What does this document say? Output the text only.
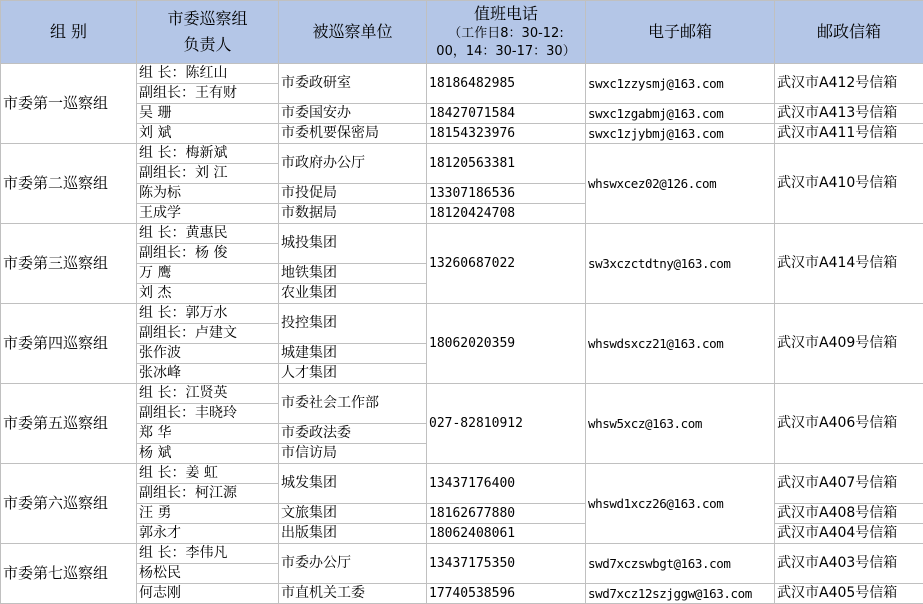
组 别	市委巡察组
负责人	被巡察单位	值班电话
（工作日8：30-12:
00，14：30-17：30）	电子邮箱	邮政信箱
市委第一巡察组	组 长：陈红山	市委政研室	18186482985	swxc1zzysmj@163.com	武汉市A412号信箱
	副组长：王有财				
	吴 珊	市委国安办	18427071584	swxc1zgabmj@163.com	武汉市A413号信箱
	刘 斌	市委机要保密局	18154323976	swxc1zjybmj@163.com	武汉市A411号信箱
市委第二巡察组	组 长：梅新斌	市政府办公厅	18120563381	whswxcez02@126.com	武汉市A410号信箱
	副组长：刘 江				
	陈为标	市投促局	13307186536		
	王成学	市数据局	18120424708		
市委第三巡察组	组 长：黄惠民	城投集团	13260687022	sw3xczctdtny@163.com	武汉市A414号信箱
	副组长：杨 俊				
	万 鹰	地铁集团			
	刘 杰	农业集团			
市委第四巡察组	组 长：郭万水	投控集团	18062020359	whswdsxcz21@163.com	武汉市A409号信箱
	副组长：卢建文				
	张作波	城建集团			
	张冰峰	人才集团			
市委第五巡察组	组 长：江贤英	市委社会工作部	027-82810912	whsw5xcz@163.com	武汉市A406号信箱
	副组长：丰晓玲				
	郑 华	市委政法委			
	杨 斌	市信访局			
市委第六巡察组	组 长：姜 虹	城发集团	13437176400	whswd1xcz26@163.com	武汉市A407号信箱
	副组长：柯江源				
	汪 勇	文旅集团	18162677880		武汉市A408号信箱
	郭永才	出版集团	18062408061		武汉市A404号信箱
市委第七巡察组	组 长：李伟凡	市委办公厅	13437175350	swd7xczswbgt@163.com	武汉市A403号信箱
	杨松民				
	何志刚	市直机关工委	17740538596	swd7xcz12szjggw@163.com	武汉市A405号信箱
